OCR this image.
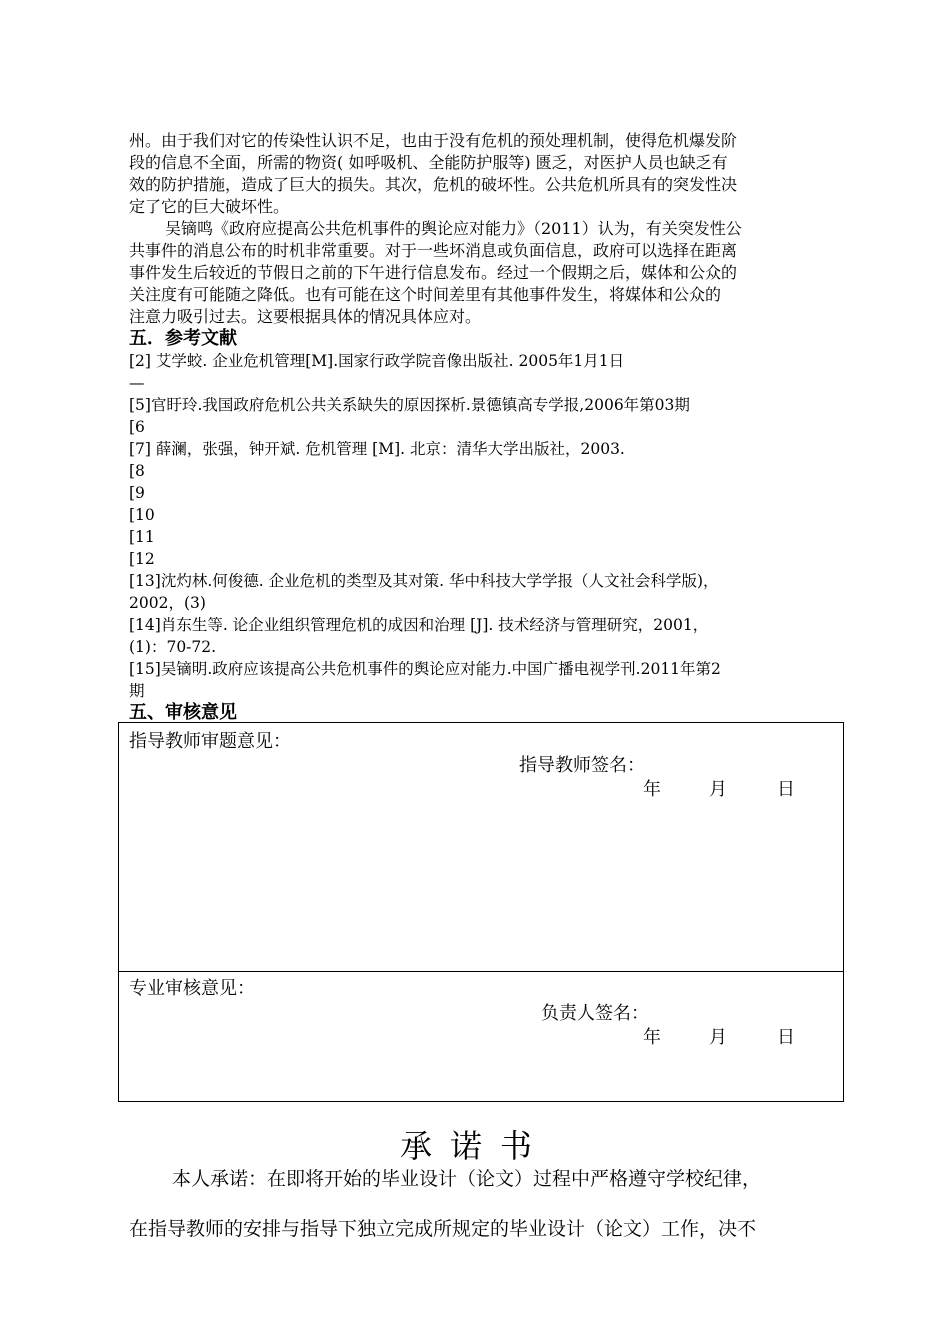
州。由于我们对它的传染性认识不足，也由于没有危机的预处理机制，使得危机爆发阶
段的信息不全面，所需的物资( 如呼吸机、全能防护服等) 匮乏，对医护人员也缺乏有
效的防护措施，造成了巨大的损失。其次，危机的破坏性。公共危机所具有的突发性决
定了它的巨大破坏性。
吴镝鸣《政府应提高公共危机事件的舆论应对能力》（2011）认为，有关突发性公
共事件的消息公布的时机非常重要。对于一些坏消息或负面信息，政府可以选择在距离
事件发生后较近的节假日之前的下午进行信息发布。经过一个假期之后，媒体和公众的
关注度有可能随之降低。也有可能在这个时间差里有其他事件发生，将媒体和公众的
注意力吸引过去。这要根据具体的情况具体应对。
五．参考文献
[2] 艾学蛟. 企业危机管理[M].国家行政学院音像出版社. 2005年1月1日
—
[5]官盱玲.我国政府危机公共关系缺失的原因探析.景德镇高专学报,2006年第03期
[6
[7] 薛澜，张强，钟开斌. 危机管理 [M]. 北京：清华大学出版社，2003.
[8
[9
[10
[11
[12
[13]沈灼林.何俊德. 企业危机的类型及其对策. 华中科技大学学报（人文社会科学版)，
2002，(3)
[14]肖东生等. 论企业组织管理危机的成因和治理 [J]. 技术经济与管理研究，2001，
(1)：70-72.
[15]吴镝明.政府应该提高公共危机事件的舆论应对能力.中国广播电视学刊.2011年第2
期
五、审核意见
指导教师审题意见：
指导教师签名：
年	月	日
专业审核意见：
负责人签名：
年	月	日
承诺书
本人承诺：在即将开始的毕业设计（论文）过程中严格遵守学校纪律，
在指导教师的安排与指导下独立完成所规定的毕业设计（论文）工作，决不
